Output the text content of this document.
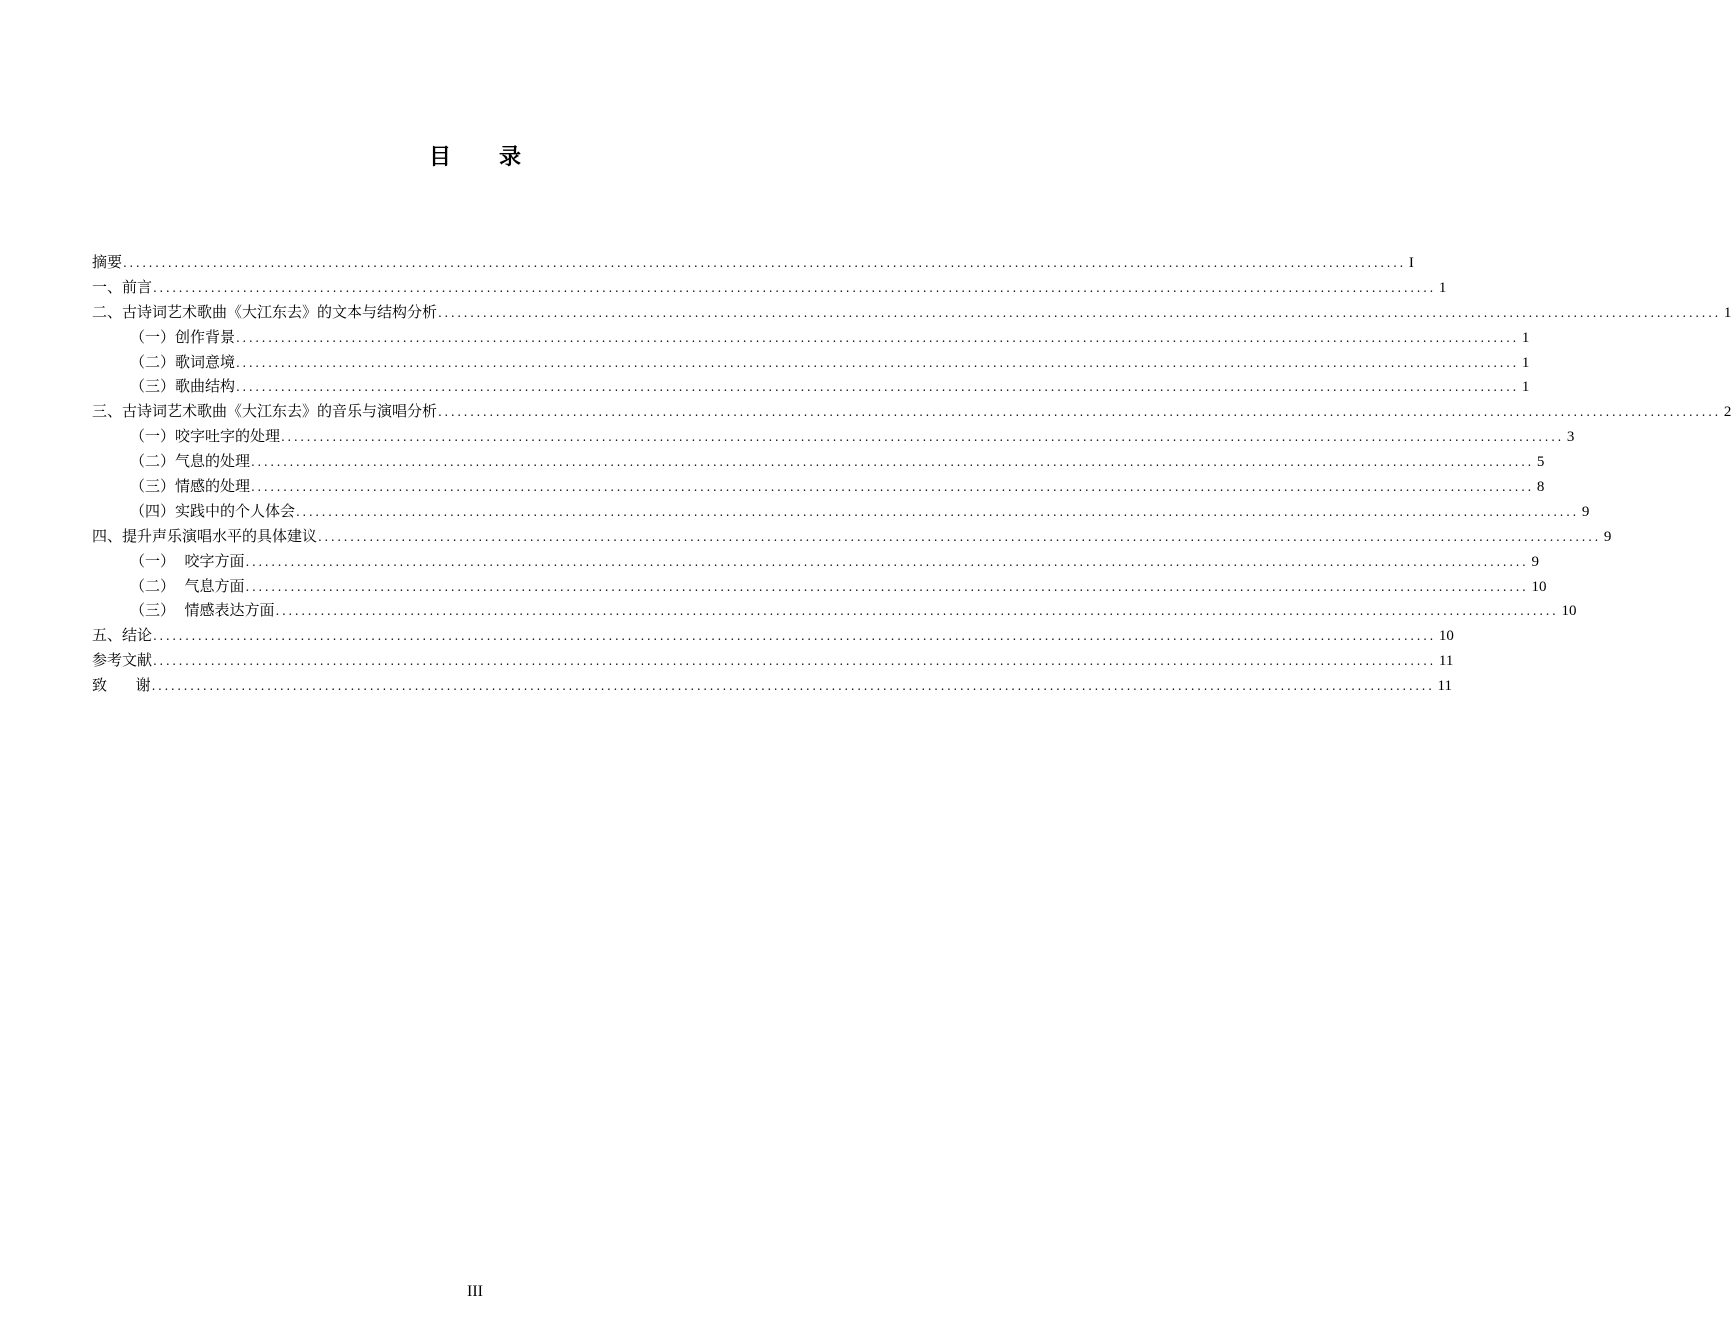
目 录
摘要 ........................................................................................................................................................................................................ I
一、前言 ........................................................................................................................................................................................................ 1
二、古诗词艺术歌曲《大江东去》的文本与结构分析 ........................................................................................................................................................................................................ 1
（一）创作背景 ........................................................................................................................................................................................................ 1
（二）歌词意境 ........................................................................................................................................................................................................ 1
（三）歌曲结构 ........................................................................................................................................................................................................ 1
三、古诗词艺术歌曲《大江东去》的音乐与演唱分析 ........................................................................................................................................................................................................ 2
（一）咬字吐字的处理 ........................................................................................................................................................................................................ 3
（二）气息的处理 ........................................................................................................................................................................................................ 5
（三）情感的处理 ........................................................................................................................................................................................................ 8
（四）实践中的个人体会 ........................................................................................................................................................................................................ 9
四、提升声乐演唱水平的具体建议 ........................................................................................................................................................................................................ 9
（一）  咬字方面 ........................................................................................................................................................................................................ 9
（二）  气息方面 ........................................................................................................................................................................................................ 10
（三）  情感表达方面 ........................................................................................................................................................................................................ 10
五、结论 ........................................................................................................................................................................................................ 10
参考文献 ........................................................................................................................................................................................................ 11
致      谢 ........................................................................................................................................................................................................ 11
III
